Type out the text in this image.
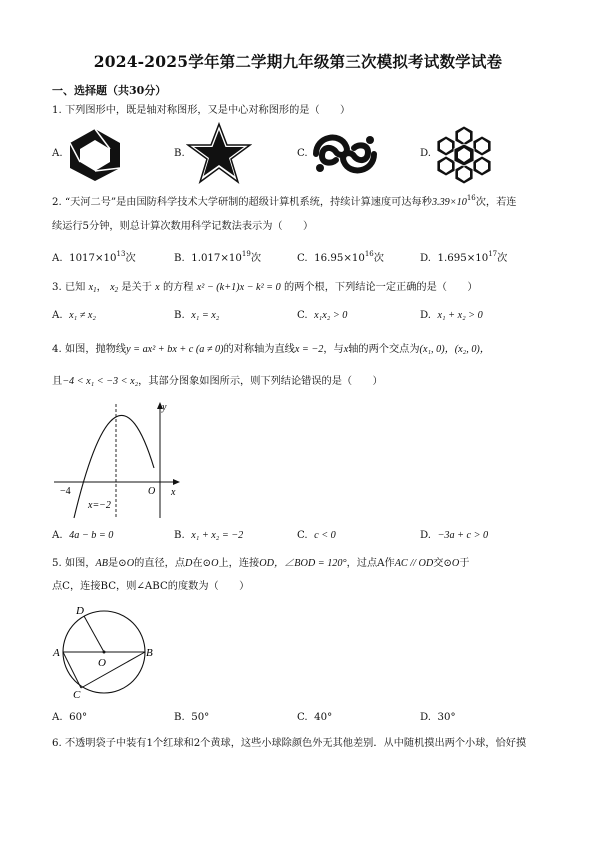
2024-2025学年第二学期九年级第三次模拟考试数学试卷
一、选择题（共30分）
1. 下列图形中，既是轴对称图形，又是中心对称图形的是（　　）
A.	B.	C.	D.
2. “天河二号”是由国防科学技术大学研制的超级计算机系统，持续计算速度可达每秒$3.39\times 10^{16}$次，若连
续运行5分钟，则总计算次数用科学记数法表示为（　　）
A. $1017\times 10^{13}$次	B. $1.017\times 10^{19}$次	C. $16.95\times 10^{16}$次	D. $1.695\times 10^{17}$次
3. 已知 $x_1$， $x_2$ 是关于 x 的方程 x² − (k+1)x − k² = 0 的两个根，下列结论一定正确的是（　　）
A. x₁ ≠ x₂	B. x₁ = x₂	C. x₁x₂ > 0	D. x₁ + x₂ > 0
4. 如图，抛物线y = ax² + bx + c (a ≠ 0)的对称轴为直线x = −2，与x轴的两个交点为(x₁, 0)，(x₂, 0)，
且−4 < x₁ < −3 < x₂，其部分图象如图所示，则下列结论错误的是（　　）
y
x
O
−4
x=−2
A. 4a − b = 0	B. x₁ + x₂ = −2	C. c < 0	D. −3a + c > 0
5. 如图，AB是⊙O的直径，点D在⊙O上，连接OD，∠BOD = 120°，过点A作AC // OD交⊙O于
点C，连接BC，则∠ABC的度数为（　　）
D
A
O
B
C
A. 60°	B. 50°	C. 40°	D. 30°
6. 不透明袋子中装有1个红球和2个黄球，这些小球除颜色外无其他差别．从中随机摸出两个小球，恰好摸
